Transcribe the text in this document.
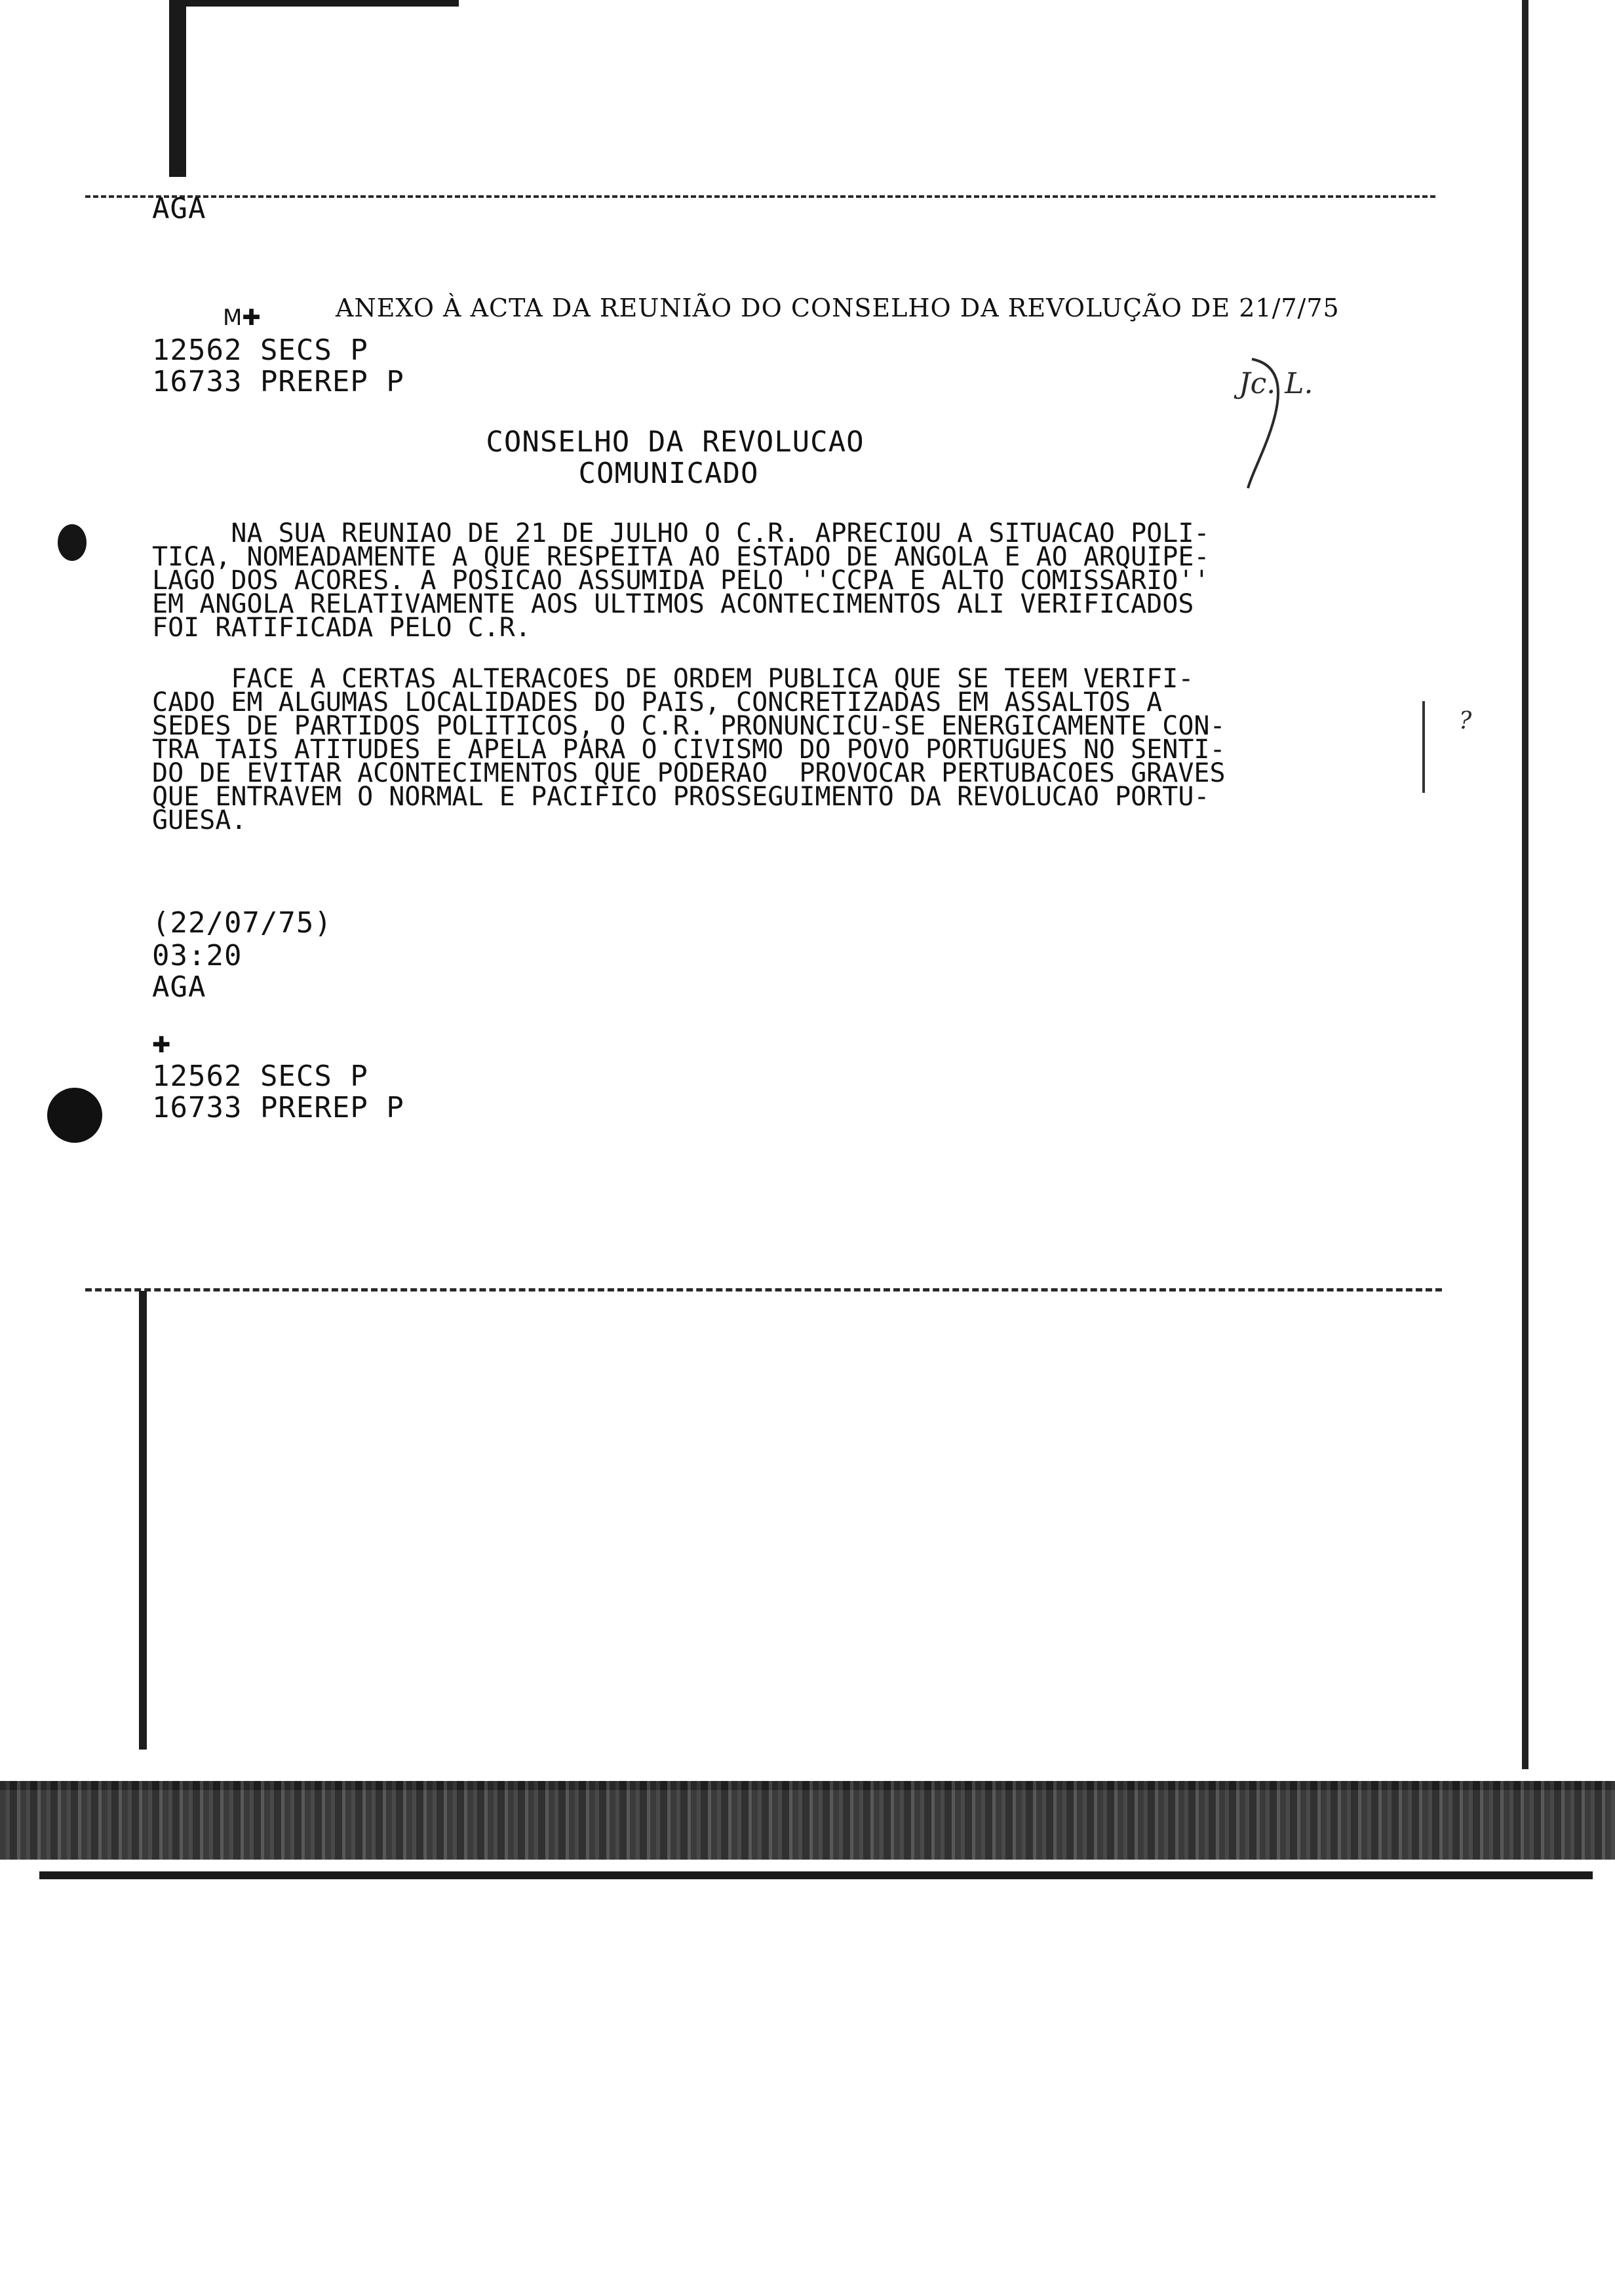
AGA
M✚	ANEXO À ACTA DA REUNIÃO DO CONSELHO DA REVOLUÇÃO DE 21/7/75
12562 SECS P
16733 PREREP P	Jc. L.
CONSELHO DA REVOLUCAO
COMUNICADO

NA SUA REUNIAO DE 21 DE JULHO O C.R. APRECIOU A SITUACAO POLI-

TICA, NOMEADAMENTE A QUE RESPEITA AO ESTADO DE ANGOLA E AO ARQUIPE-

LAGO DOS ACORES. A POSICAO ASSUMIDA PELO ''CCPA E ALTO COMISSARIO''

EM ANGOLA RELATIVAMENTE AOS ULTIMOS ACONTECIMENTOS ALI VERIFICADOS

FOI RATIFICADA PELO C.R.

FACE A CERTAS ALTERACOES DE ORDEM PUBLICA QUE SE TEEM VERIFI-

CADO EM ALGUMAS LOCALIDADES DO PAIS, CONCRETIZADAS EM ASSALTOS A

SEDES DE PARTIDOS POLITICOS, O C.R. PRONUNCICU-SE ENERGICAMENTE CON-

TRA TAIS ATITUDES E APELA PARA O CIVISMO DO POVO PORTUGUES NO SENTI-

DO DE EVITAR ACONTECIMENTOS QUE PODERAO  PROVOCAR PERTUBACOES GRAVES

QUE ENTRAVEM O NORMAL E PACIFICO PROSSEGUIMENTO DA REVOLUCAO PORTU-

GUESA.

?
(22/07/75)
03:20
AGA
✚
12562 SECS P
16733 PREREP P
